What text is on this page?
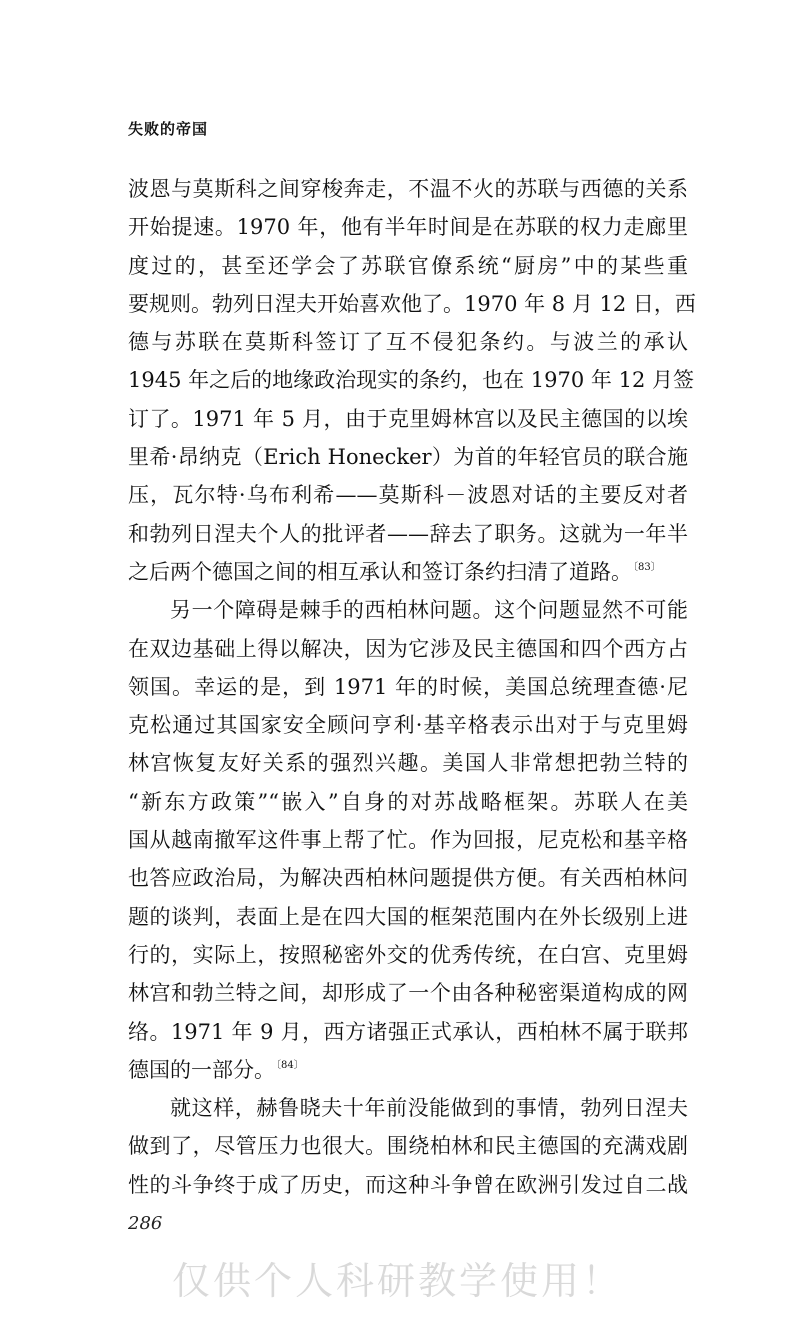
失败的帝国
波恩与莫斯科之间穿梭奔走，不温不火的苏联与西德的关系
开始提速。1970 年，他有半年时间是在苏联的权力走廊里
度过的，甚至还学会了苏联官僚系统“厨房”中的某些重
要规则。勃列日涅夫开始喜欢他了。1970 年 8 月 12 日，西
德与苏联在莫斯科签订了互不侵犯条约。与波兰的承认
1945 年之后的地缘政治现实的条约，也在 1970 年 12 月签
订了。1971 年 5 月，由于克里姆林宫以及民主德国的以埃
里希·昂纳克（Erich Honecker）为首的年轻官员的联合施
压，瓦尔特·乌布利希——莫斯科－波恩对话的主要反对者
和勃列日涅夫个人的批评者——辞去了职务。这就为一年半
之后两个德国之间的相互承认和签订条约扫清了道路。$^{〔83〕}$
另一个障碍是棘手的西柏林问题。这个问题显然不可能
在双边基础上得以解决，因为它涉及民主德国和四个西方占
领国。幸运的是，到 1971 年的时候，美国总统理查德·尼
克松通过其国家安全顾问亨利·基辛格表示出对于与克里姆
林宫恢复友好关系的强烈兴趣。美国人非常想把勃兰特的
“新东方政策”“嵌入”自身的对苏战略框架。苏联人在美
国从越南撤军这件事上帮了忙。作为回报，尼克松和基辛格
也答应政治局，为解决西柏林问题提供方便。有关西柏林问
题的谈判，表面上是在四大国的框架范围内在外长级别上进
行的，实际上，按照秘密外交的优秀传统，在白宫、克里姆
林宫和勃兰特之间，却形成了一个由各种秘密渠道构成的网
络。1971 年 9 月，西方诸强正式承认，西柏林不属于联邦
德国的一部分。$^{〔84〕}$
就这样，赫鲁晓夫十年前没能做到的事情，勃列日涅夫
做到了，尽管压力也很大。围绕柏林和民主德国的充满戏剧
性的斗争终于成了历史，而这种斗争曾在欧洲引发过自二战
286
仅供个人科研教学使用！
